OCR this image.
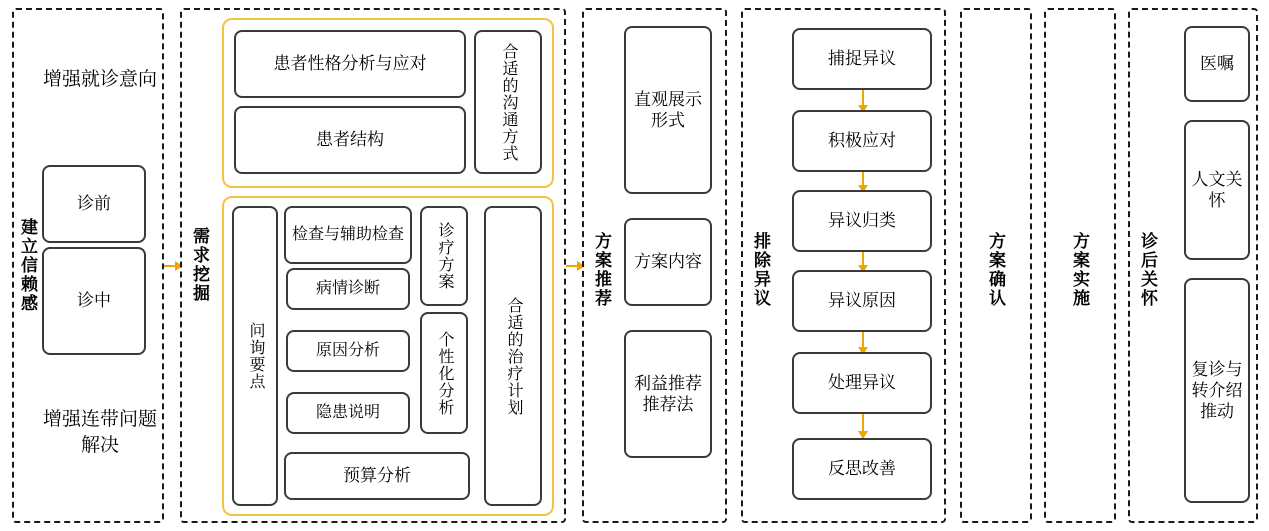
建立信赖感
增强就诊意向
诊前
诊中
增强连带问题解决
需求挖掘
患者性格分析与应对
患者结构	合适的沟通方式
问询要点
检查与辅助检查
病情诊断
原因分析
隐患说明
预算分析
诊疗方案
个性化分析	合适的治疗计划
方案推荐
直观展示形式
方案内容
利益推荐推荐法
排除异议
捕捉异议
积极应对
异议归类
异议原因
处理异议
反思改善
方案确认	方案实施	诊后关怀
医嘱
人文关怀
复诊与转介绍推动
